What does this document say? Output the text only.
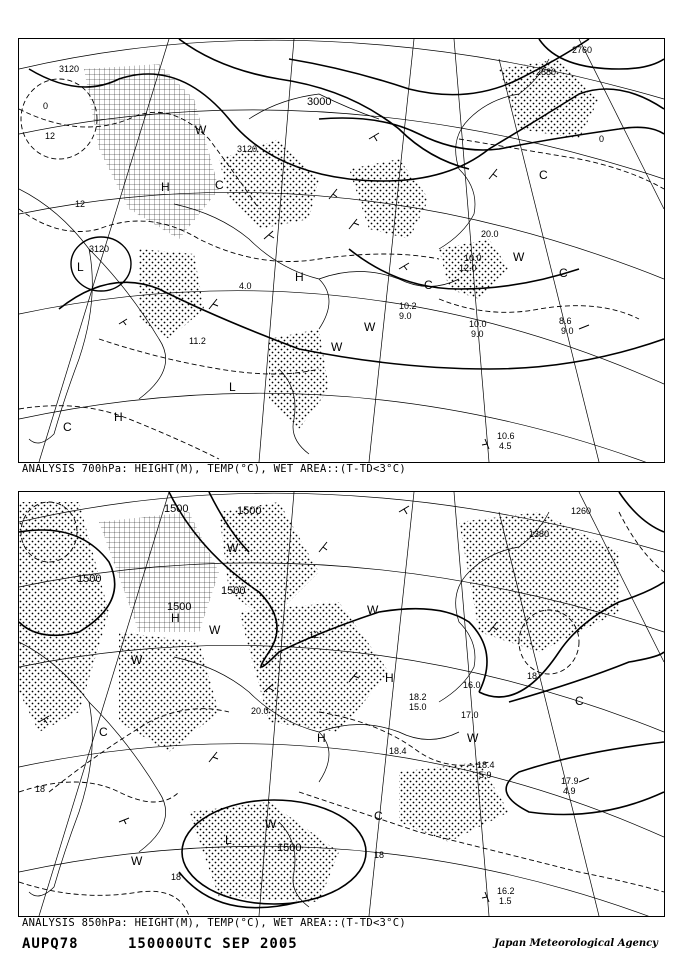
3120
3120
3120
3000
2880
2760
0
0
12
12
W
H
L
C
H
L
H
W
W
C
C
W
C
C
10.2
9.0
12.0
10.0
20.0
4.0
11.2
8.6
9.0
10.0
9.0
10.6
4.5
ANALYSIS 700hPa: HEIGHT(M), TEMP(°C), WET AREA::(T-TD<3°C)
1500	1500
1500
1500
1500
1500
1260
1380
18
18
18
12
18
W
H
W
W
W
C
C
L
W
C	H
W
H
W
18.2
15.0
18.4
16.0
20.0	17.0
18.4
5.9
17.9
4.9
16.2
1.5
ANALYSIS 850hPa: HEIGHT(M), TEMP(°C), WET AREA::(T-TD<3°C)
AUPQ78	150000UTC SEP 2005	Japan Meteorological Agency
